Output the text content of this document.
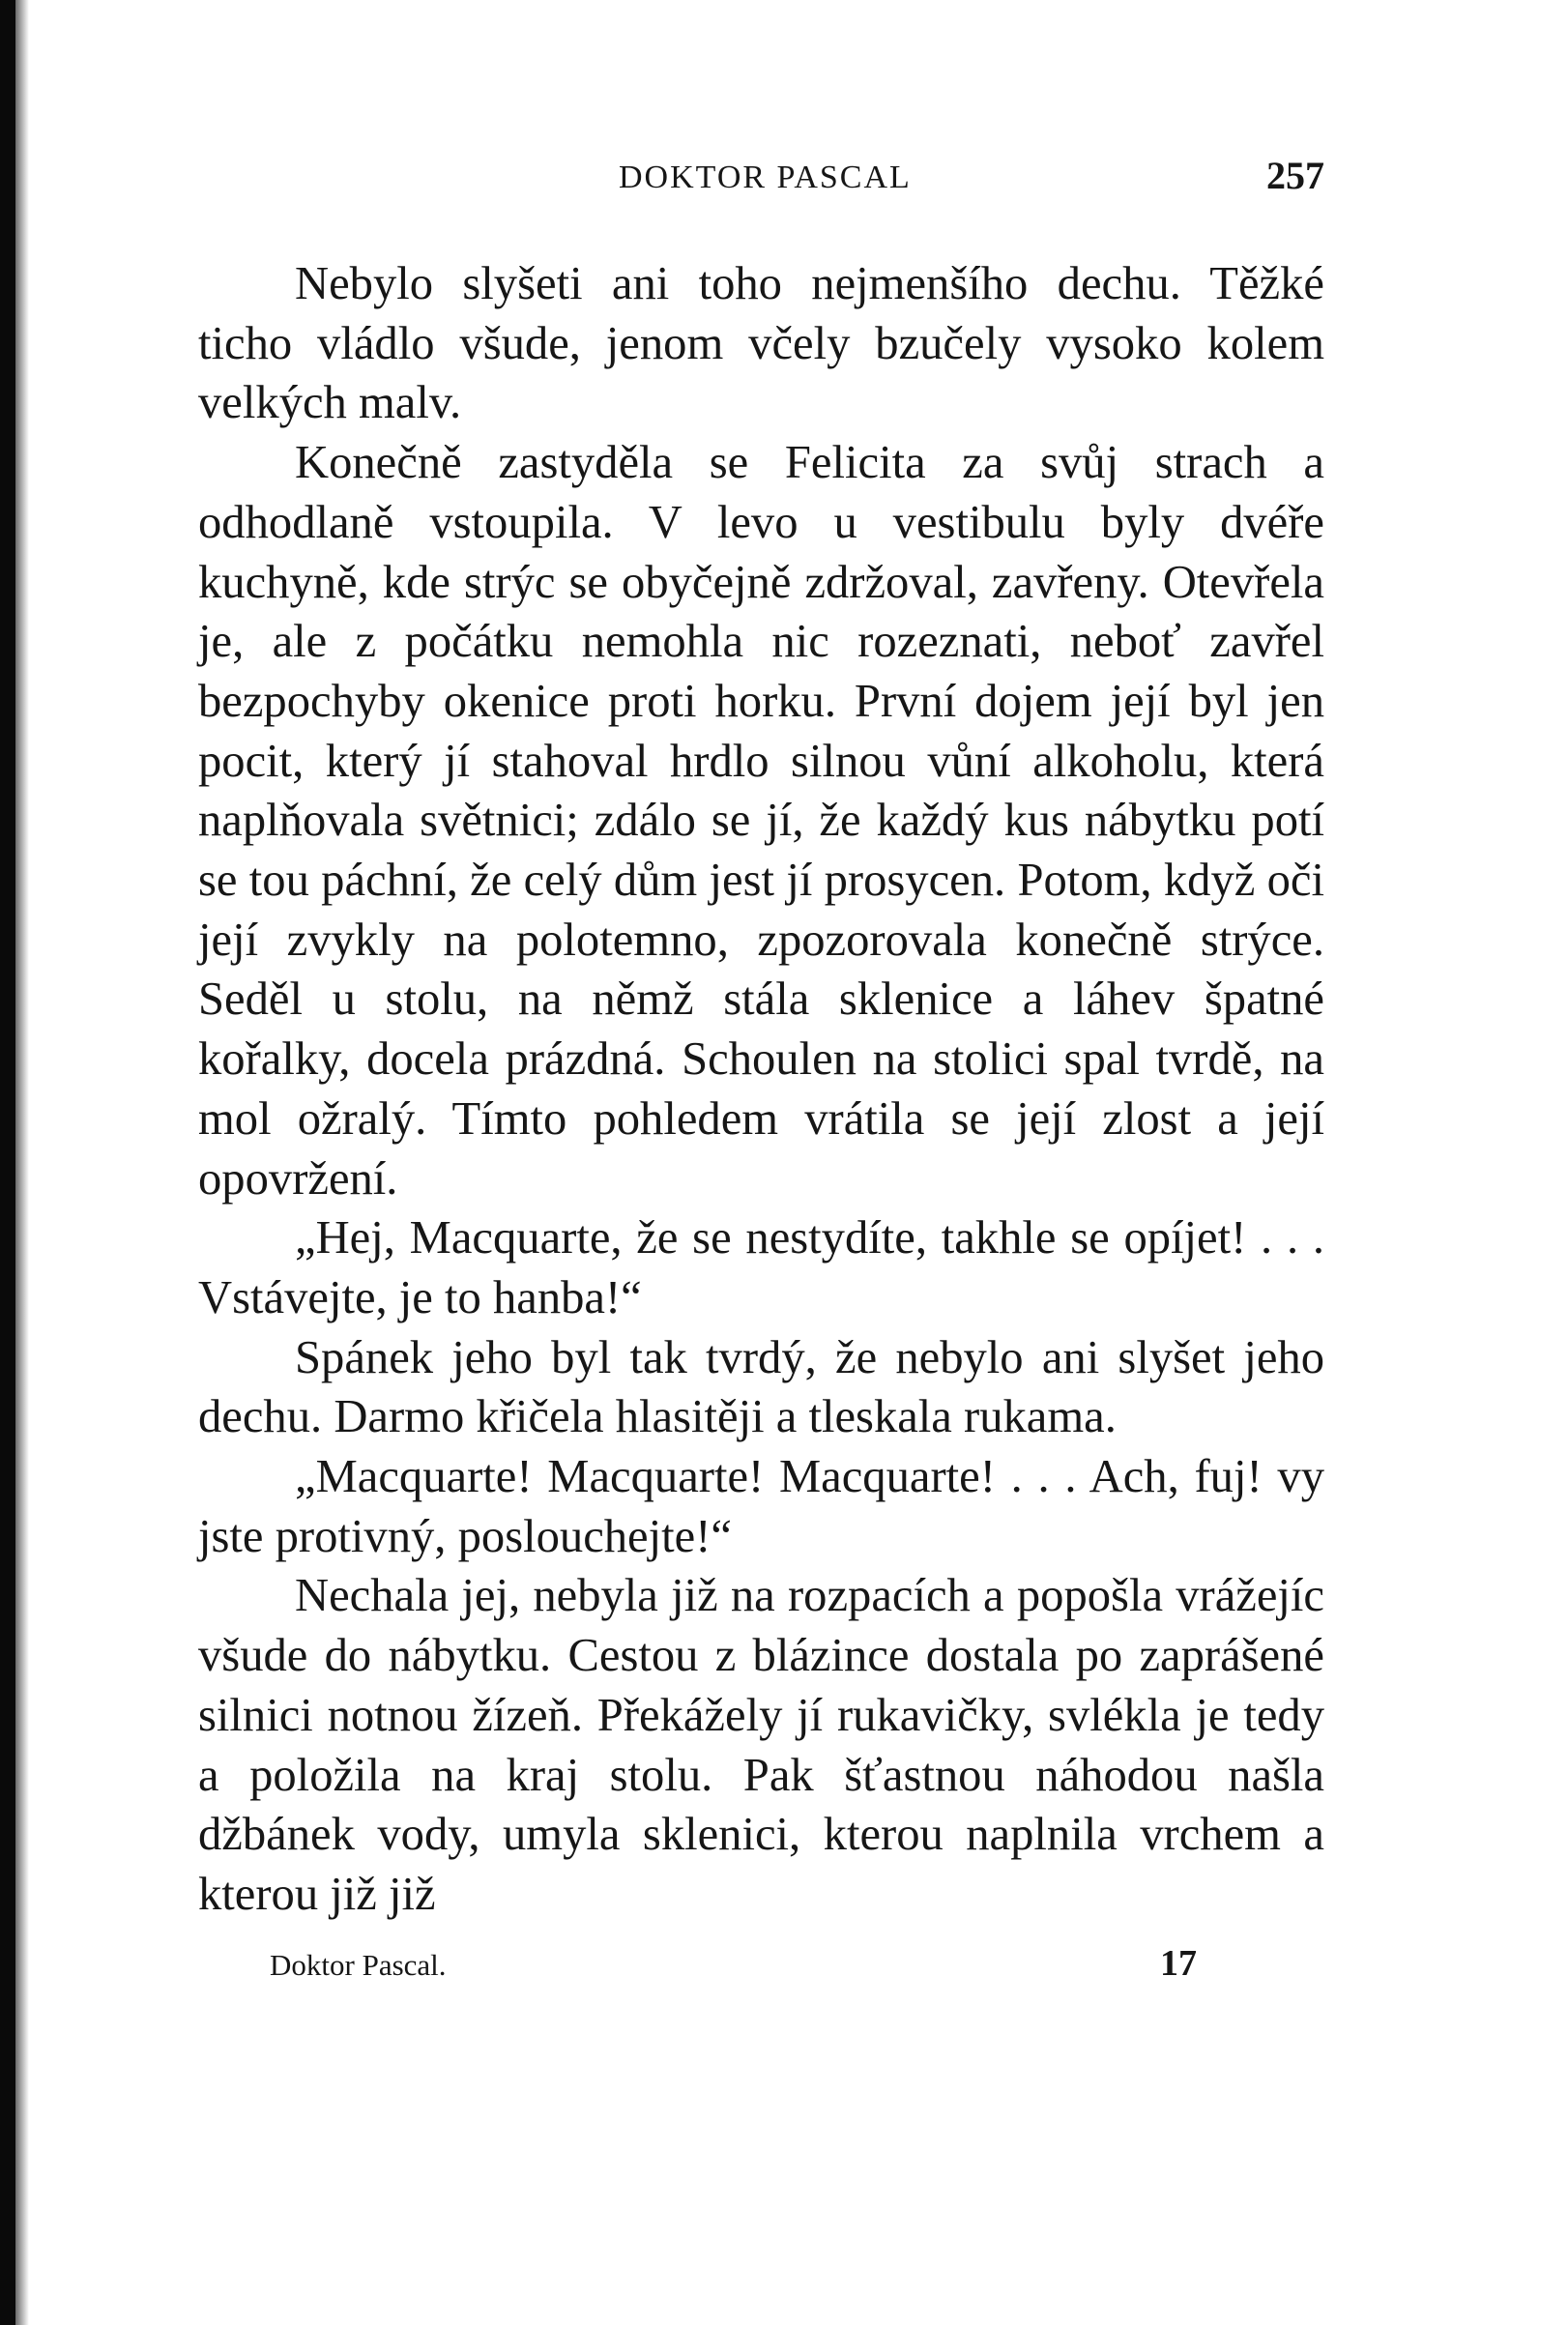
DOKTOR PASCAL	257

Nebylo slyšeti ani toho nejmenšího dechu. Těžké ticho vládlo všude, jenom včely bzučely vysoko kolem velkých malv.

Konečně zastyděla se Felicita za svůj strach a odhodlaně vstoupila. V levo u vestibulu byly dvéře kuchyně, kde strýc se obyčejně zdržoval, zavřeny. Otevřela je, ale z počátku nemohla nic rozeznati, neboť zavřel bezpochyby okenice proti horku. První dojem její byl jen pocit, který jí stahoval hrdlo silnou vůní alkoholu, která naplňovala světnici; zdálo se jí, že každý kus nábytku potí se tou páchní, že celý dům jest jí prosycen. Potom, když oči její zvykly na polotemno, zpozorovala konečně strýce. Seděl u stolu, na němž stála sklenice a láhev špatné kořalky, docela prázdná. Schoulen na stolici spal tvrdě, na mol ožralý. Tímto pohledem vrátila se její zlost a její opovržení.

„Hej, Macquarte, že se nestydíte, takhle se opíjet! . . . Vstávejte, je to hanba!“

Spánek jeho byl tak tvrdý, že nebylo ani slyšet jeho dechu. Darmo křičela hlasitěji a tleskala rukama.

„Macquarte! Macquarte! Macquarte! . . . Ach, fuj! vy jste protivný, poslouchejte!“

Nechala jej, nebyla již na rozpacích a popošla vrážejíc všude do nábytku. Cestou z blázince dostala po zaprášené silnici notnou žízeň. Překážely jí rukavičky, svlékla je tedy a položila na kraj stolu. Pak šťastnou náhodou našla džbánek vody, umyla sklenici, kterou naplnila vrchem a kterou již již

Doktor Pascal.	17
